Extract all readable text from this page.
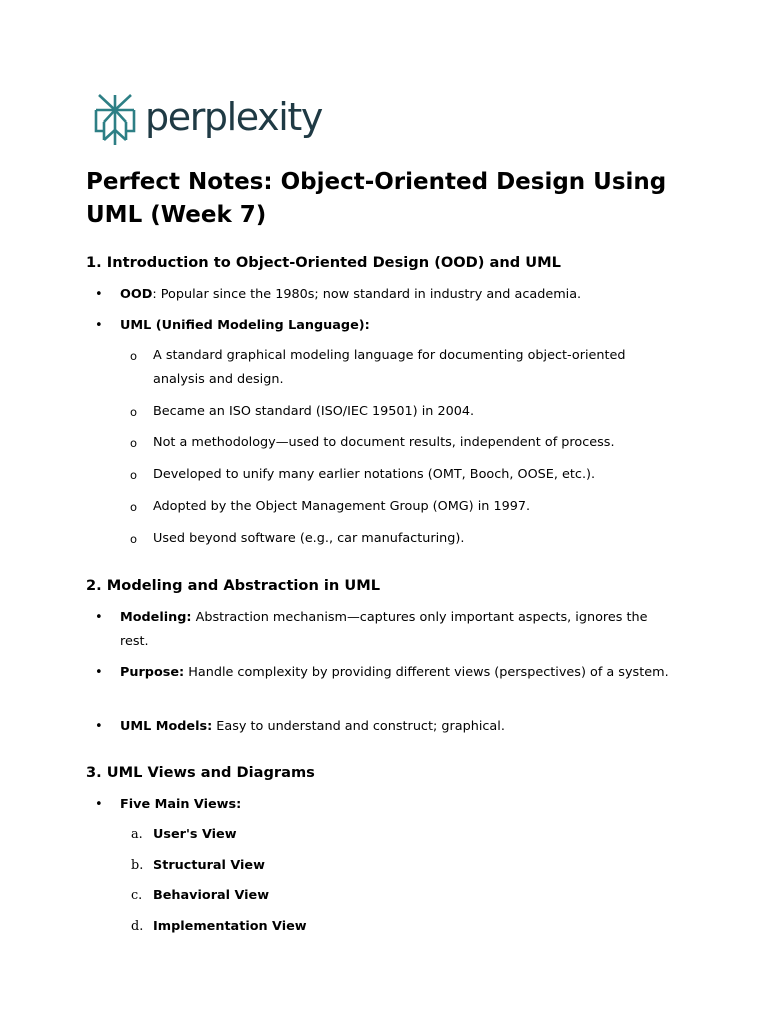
perplexity
Perfect Notes: Object-Oriented Design Using UML (Week 7)
1. Introduction to Object-Oriented Design (OOD) and UML
• OOD: Popular since the 1980s; now standard in industry and academia.

• UML (Unified Modeling Language):

o A standard graphical modeling language for documenting object-oriented analysis and design.

o Became an ISO standard (ISO/IEC 19501) in 2004.

o Not a methodology—used to document results, independent of process.

o Developed to unify many earlier notations (OMT, Booch, OOSE, etc.).

o Adopted by the Object Management Group (OMG) in 1997.

o Used beyond software (e.g., car manufacturing).

2. Modeling and Abstraction in UML
• Modeling: Abstraction mechanism—captures only important aspects, ignores the rest.

• Purpose: Handle complexity by providing different views (perspectives) of a system.

• UML Models: Easy to understand and construct; graphical.

3. UML Views and Diagrams
• Five Main Views:

a. User's View

b. Structural View

c. Behavioral View

d. Implementation View
